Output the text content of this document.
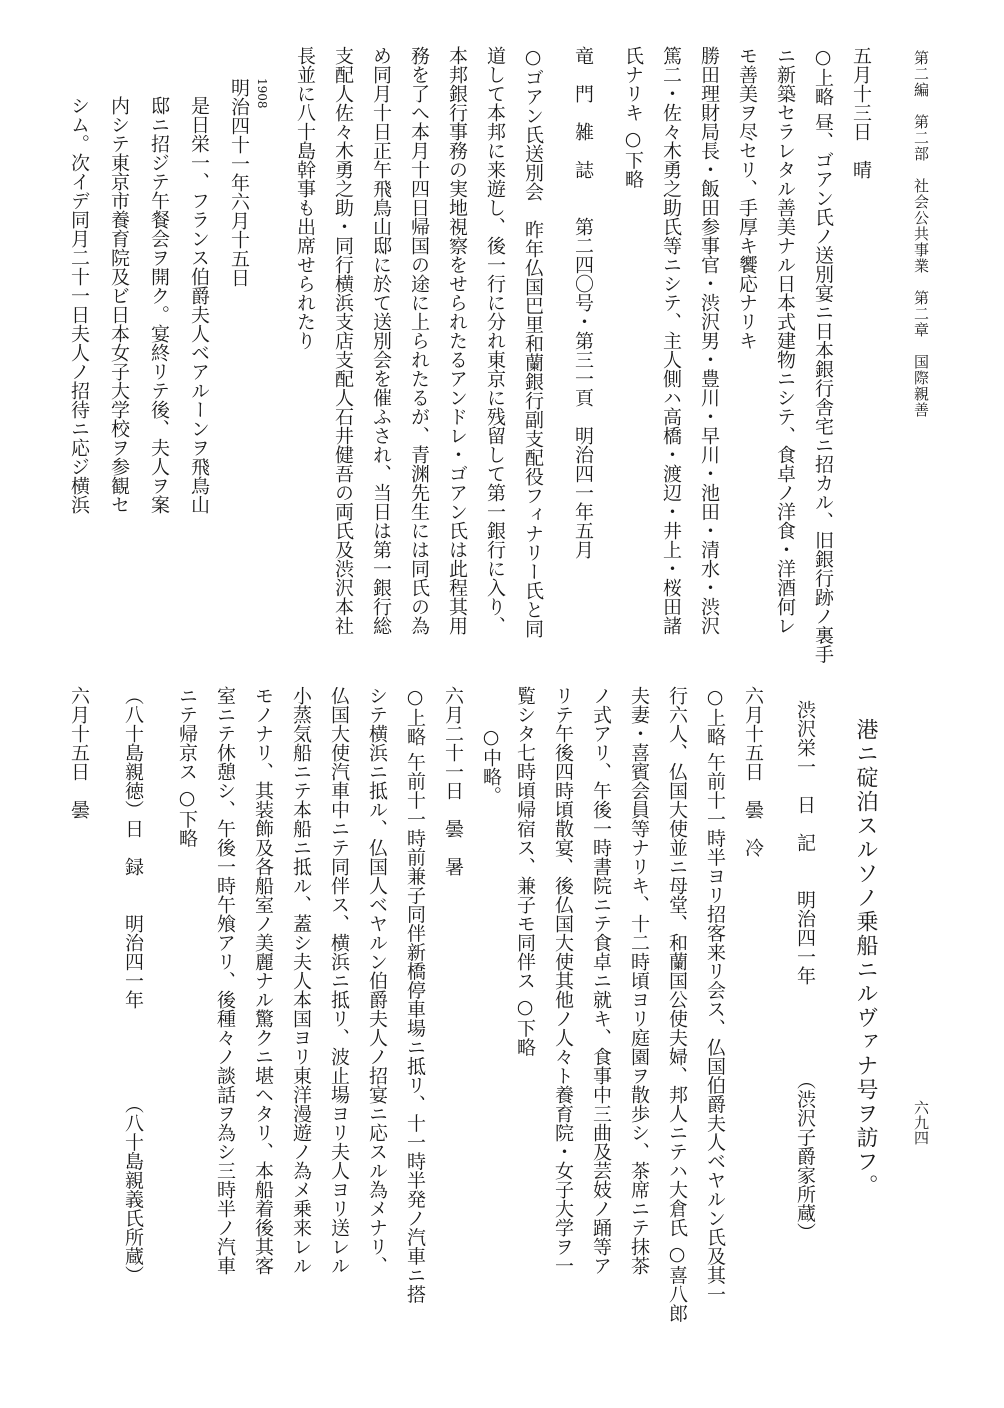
第二編　第二部　社会公共事業　第二章　国際親善
六九四
五月十三日　晴
○上略 昼、ゴアン氏ノ送別宴ニ日本銀行舎宅ニ招カル、旧銀行跡ノ裏手
ニ新築セラレタル善美ナル日本式建物ニシテ、食卓ノ洋食・洋酒何レ
モ善美ヲ尽セリ、手厚キ饗応ナリキ
勝田理財局長・飯田参事官・渋沢男・豊川・早川・池田・清水・渋沢
篤二・佐々木勇之助氏等ニシテ、主人側ハ高橋・渡辺・井上・桜田諸
氏ナリキ ○下略
竜　門　雑　誌　　第二四〇号・第三一頁　明治四一年五月
○ゴアン氏送別会　昨年仏国巴里和蘭銀行副支配役フィナリー氏と同
道して本邦に来遊し、後一行に分れ東京に残留して第一銀行に入り、
本邦銀行事務の実地視察をせられたるアンドレ・ゴアン氏は此程其用
務を了へ本月十四日帰国の途に上られたるが、青渊先生には同氏の為
め同月十日正午飛鳥山邸に於て送別会を催ふされ、当日は第一銀行総
支配人佐々木勇之助・同行横浜支店支配人石井健吾の両氏及渋沢本社
長並に八十島幹事も出席せられたり
1908
明治四十一年六月十五日
是日栄一、フランス伯爵夫人ベアルーンヲ飛鳥山
邸ニ招ジテ午餐会ヲ開ク。宴終リテ後、夫人ヲ案
内シテ東京市養育院及ビ日本女子大学校ヲ参観セ
シム。次イデ同月二十一日夫人ノ招待ニ応ジ横浜
港ニ碇泊スルソノ乗船ニルヴァナ号ヲ訪フ。
渋沢栄一　日　記　　明治四一年　　　　　（渋沢子爵家所蔵）
六月十五日　曇　冷
○上略 午前十一時半ヨリ招客来リ会ス、仏国伯爵夫人ベヤルン氏及其一
行六人、仏国大使並ニ母堂、和蘭国公使夫婦、邦人ニテハ大倉氏 ○喜八郎
夫妻・喜賓会員等ナリキ、十二時頃ヨリ庭園ヲ散歩シ、茶席ニテ抹茶
ノ式アリ、午後一時書院ニテ食卓ニ就キ、食事中三曲及芸妓ノ踊等ア
リテ午後四時頃散宴、後仏国大使其他ノ人々ト養育院・女子大学ヲ一
覧シタ七時頃帰宿ス、兼子モ同伴ス ○下略
○中略。
六月二十一日　曇　暑
○上略 午前十一時前兼子同伴新橋停車場ニ抵リ、十一時半発ノ汽車ニ搭
シテ横浜ニ抵ル、仏国人ベヤルン伯爵夫人ノ招宴ニ応スル為メナリ、
仏国大使汽車中ニテ同伴ス、横浜ニ抵リ、波止場ヨリ夫人ヨリ送レル
小蒸気船ニテ本船ニ抵ル、蓋シ夫人本国ヨリ東洋漫遊ノ為メ乗来レル
モノナリ、其装飾及各船室ノ美麗ナル驚クニ堪ヘタリ、本船着後其客
室ニテ休憩シ、午後一時午飧アリ、後種々ノ談話ヲ為シ三時半ノ汽車
ニテ帰京ス ○下略
（八十島親徳）日　録　　明治四一年　　　　　（八十島親義氏所蔵）
六月十五日　曇
